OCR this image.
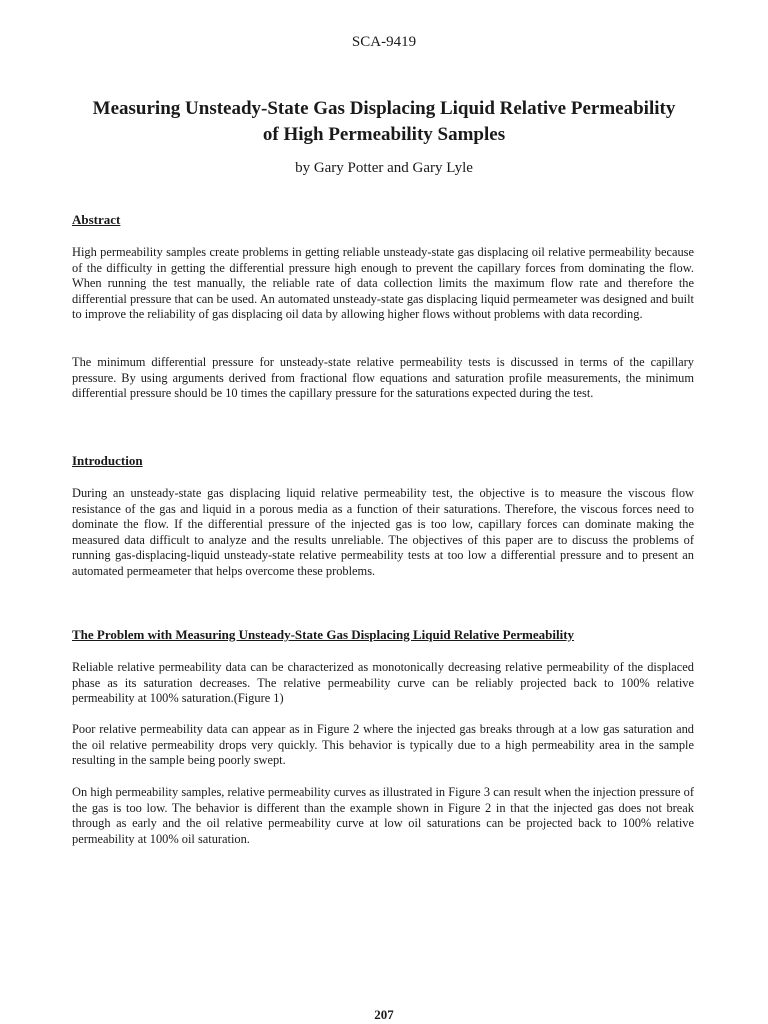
SCA-9419
Measuring Unsteady-State Gas Displacing Liquid Relative Permeability
of High Permeability Samples
by Gary Potter and Gary Lyle
Abstract

High permeability samples create problems in getting reliable unsteady-state gas displacing oil relative permeability because of the difficulty in getting the differential pressure high enough to prevent the capillary forces from dominating the flow. When running the test manually, the reliable rate of data collection limits the maximum flow rate and therefore the differential pressure that can be used. An automated unsteady-state gas displacing liquid permeameter was designed and built to improve the reliability of gas displacing oil data by allowing higher flows without problems with data recording.

The minimum differential pressure for unsteady-state relative permeability tests is discussed in terms of the capillary pressure. By using arguments derived from fractional flow equations and saturation profile measurements, the minimum differential pressure should be 10 times the capillary pressure for the saturations expected during the test.

Introduction

During an unsteady-state gas displacing liquid relative permeability test, the objective is to measure the viscous flow resistance of the gas and liquid in a porous media as a function of their saturations. Therefore, the viscous forces need to dominate the flow. If the differential pressure of the injected gas is too low, capillary forces can dominate making the measured data difficult to analyze and the results unreliable. The objectives of this paper are to discuss the problems of running gas-displacing-liquid unsteady-state relative permeability tests at too low a differential pressure and to present an automated permeameter that helps overcome these problems.

The Problem with Measuring Unsteady-State Gas Displacing Liquid Relative Permeability

Reliable relative permeability data can be characterized as monotonically decreasing relative permeability of the displaced phase as its saturation decreases. The relative permeability curve can be reliably projected back to 100% relative permeability at 100% saturation.(Figure 1)

Poor relative permeability data can appear as in Figure 2 where the injected gas breaks through at a low gas saturation and the oil relative permeability drops very quickly. This behavior is typically due to a high permeability area in the sample resulting in the sample being poorly swept.

On high permeability samples, relative permeability curves as illustrated in Figure 3 can result when the injection pressure of the gas is too low. The behavior is different than the example shown in Figure 2 in that the injected gas does not break through as early and the oil relative permeability curve at low oil saturations can be projected back to 100% relative permeability at 100% oil saturation.

207
